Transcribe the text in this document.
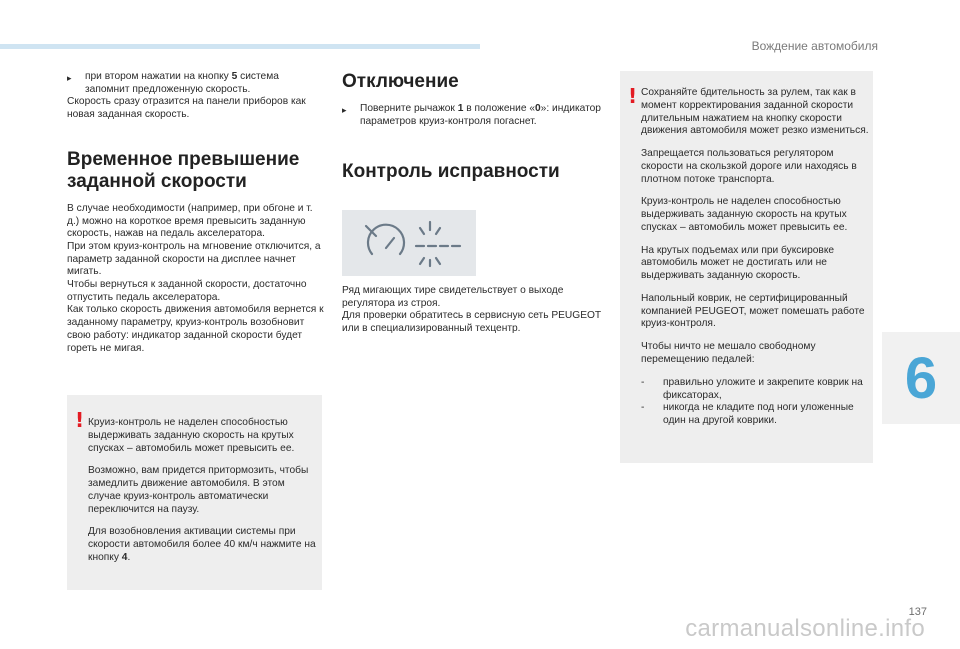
Вождение автомобиля
▸	при втором нажатии на кнопку 5 система запомнит предложенную скорость.

Скорость сразу отразится на панели приборов как новая заданная скорость.

Временное превышение
заданной скорости

В случае необходимости (например, при обгоне и т. д.) можно на короткое время превысить заданную скорость, нажав на педаль акселератора.

При этом круиз-контроль на мгновение отключится, а параметр заданной скорости на дисплее начнет мигать.

Чтобы вернуться к заданной скорости, достаточно отпустить педаль акселератора.

Как только скорость движения автомобиля вернется к заданному параметру, круиз-контроль возобновит свою работу: индикатор заданной скорости будет гореть не мигая.

! Круиз-контроль не наделен способностью выдерживать заданную скорость на крутых спусках – автомобиль может превысить ее.

Возможно, вам придется притормозить, чтобы замедлить движение автомобиля. В этом случае круиз-контроль автоматически переключится на паузу.

Для возобновления активации системы при скорости автомобиля более 40 км/ч нажмите на кнопку 4.

Отключение
▸	Поверните рычажок 1 в положение «0»: индикатор параметров круиз-контроля погаснет.

Контроль исправности

Ряд мигающих тире свидетельствует о выходе регулятора из строя.

Для проверки обратитесь в сервисную сеть PEUGEOT или в специализированный техцентр.

! Сохраняйте бдительность за рулем, так как в момент корректирования заданной скорости длительным нажатием на кнопку скорости движения автомобиля может резко измениться.

Запрещается пользоваться регулятором скорости на скользкой дороге или находясь в плотном потоке транспорта.

Круиз-контроль не наделен способностью выдерживать заданную скорость на крутых спусках – автомобиль может превысить ее.

На крутых подъемах или при буксировке автомобиль может не достигать или не выдерживать заданную скорость.

Напольный коврик, не сертифицированный компанией PEUGEOT, может помешать работе круиз-контроля.

Чтобы ничто не мешало свободному перемещению педалей:

-	правильно уложите и закрепите коврик на фиксаторах,
-	никогда не кладите под ноги уложенные один на другой коврики.
6
137
carmanualsonline.info
